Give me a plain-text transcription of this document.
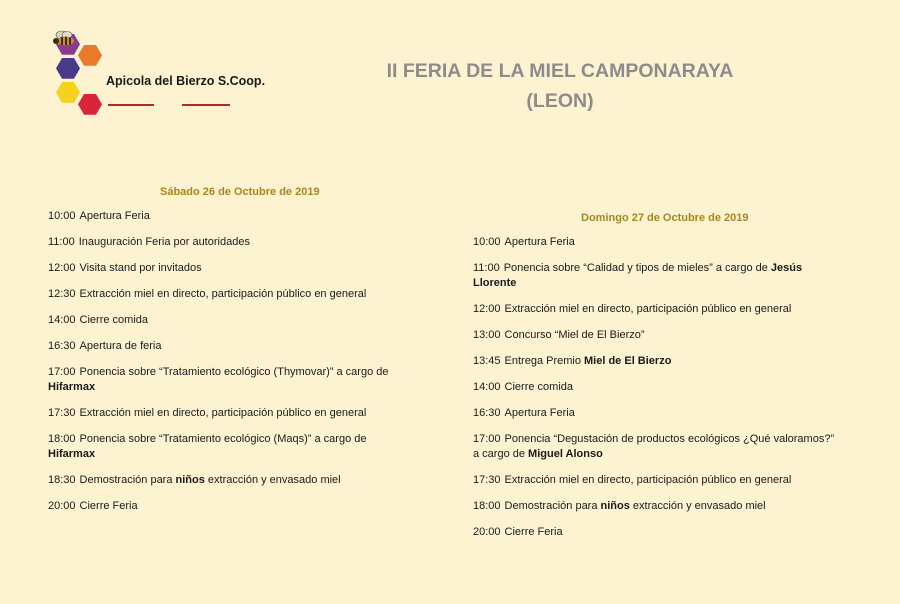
Apicola del Bierzo S.Coop.	II FERIA DE LA MIEL CAMPONARAYA
(LEON)
Sábado 26 de Octubre de 2019
10:00 Apertura Feria
11:00 Inauguración Feria por autoridades
12:00 Visita stand por invitados
12:30 Extracción miel en directo, participación público en general
14:00 Cierre comida
16:30 Apertura de feria
17:00 Ponencia sobre “Tratamiento ecológico (Thymovar)” a cargo de
Hifarmax
17:30 Extracción miel en directo, participación público en general
18:00 Ponencia sobre “Tratamiento ecológico (Maqs)” a cargo de
Hifarmax
18:30 Demostración para niños extracción y envasado miel
20:00 Cierre Feria
Domingo 27 de Octubre de 2019
10:00 Apertura Feria
11:00 Ponencia sobre “Calidad y tipos de mieles” a cargo de Jesús
Llorente
12:00 Extracción miel en directo, participación público en general
13:00 Concurso “Miel de El Bierzo”
13:45 Entrega Premio Miel de El Bierzo
14:00 Cierre comida
16:30 Apertura Feria
17:00 Ponencia “Degustación de productos ecológicos ¿Qué valoramos?”
a cargo de Miguel Alonso
17:30 Extracción miel en directo, participación público en general
18:00 Demostración para niños extracción y envasado miel
20:00 Cierre Feria
